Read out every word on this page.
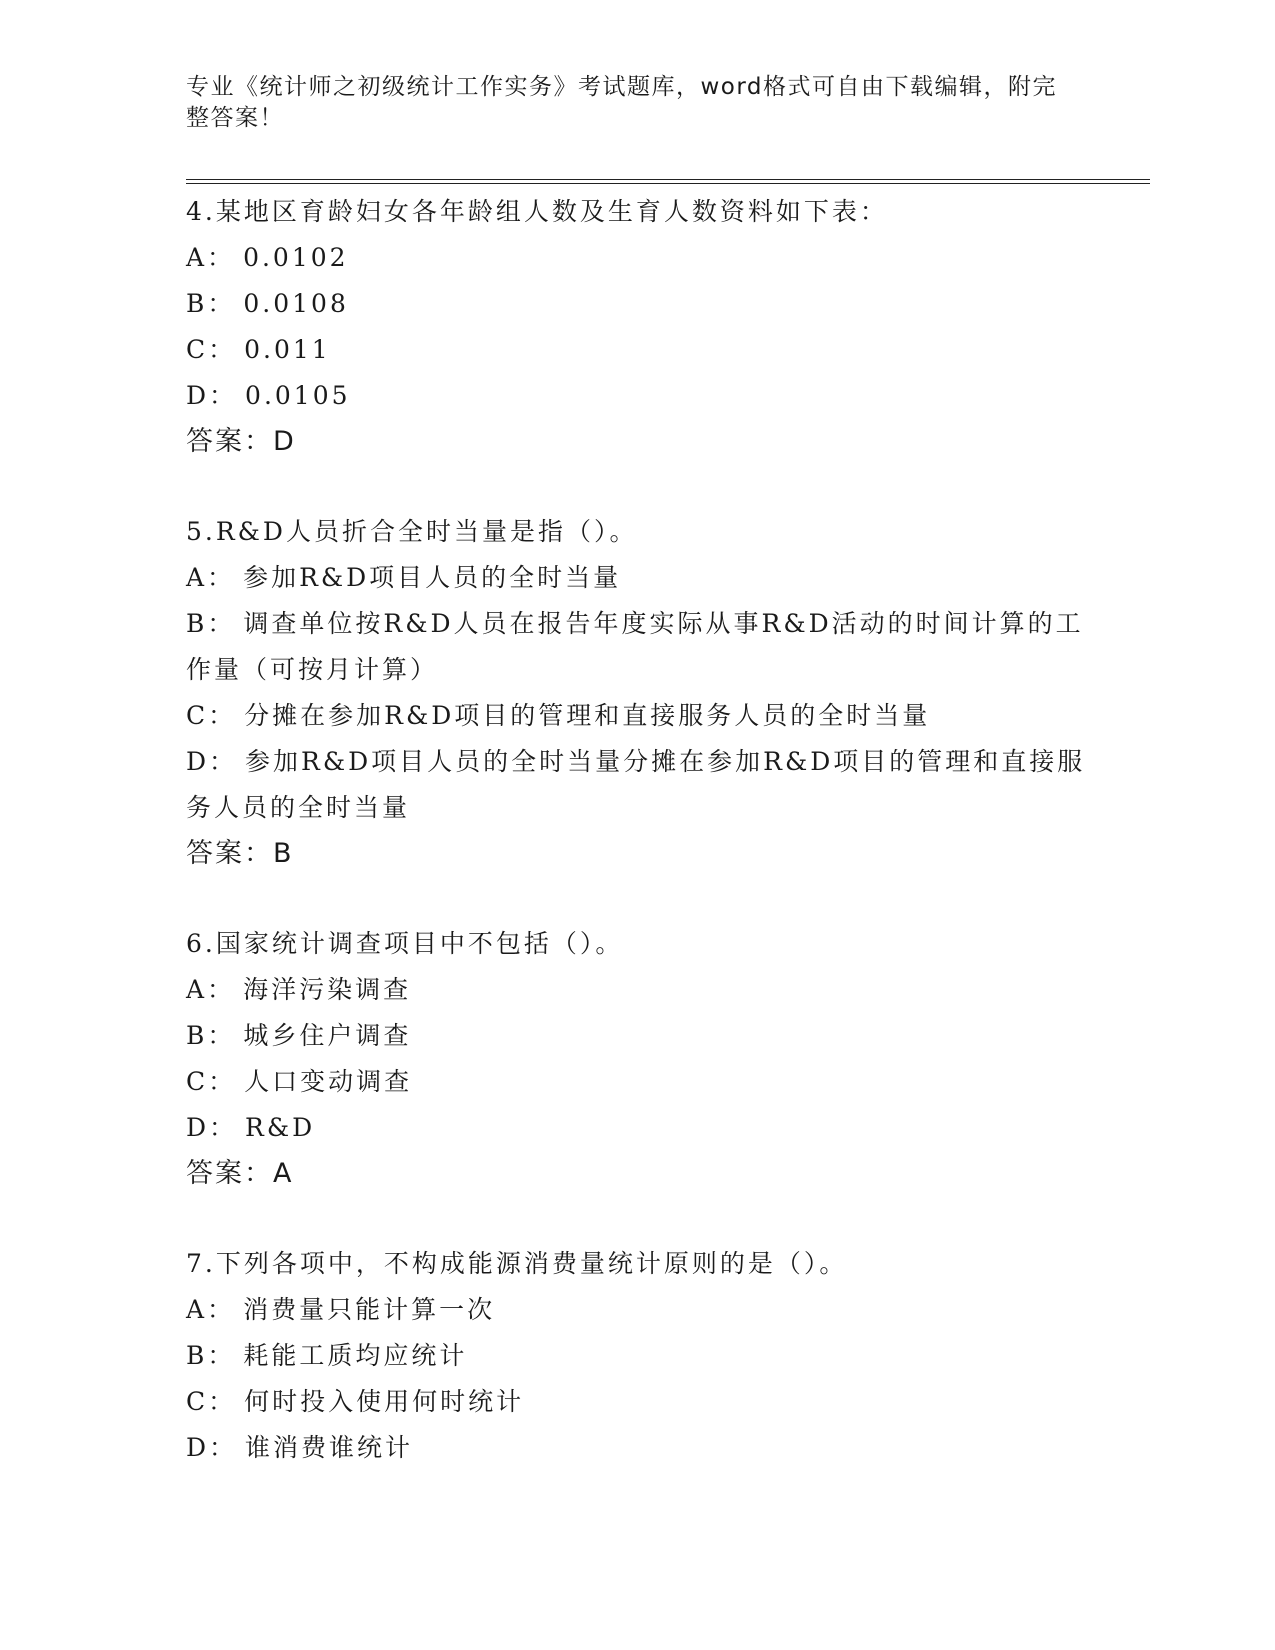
专业《统计师之初级统计工作实务》考试题库，word格式可自由下载编辑，附完整答案！
4.某地区育龄妇女各年龄组人数及生育人数资料如下表：
A： 0.0102
B： 0.0108
C： 0.011
D： 0.0105
答案：D
5.R&D人员折合全时当量是指（）。
A： 参加R&D项目人员的全时当量
B： 调查单位按R&D人员在报告年度实际从事R&D活动的时间计算的工作量（可按月计算）
C： 分摊在参加R&D项目的管理和直接服务人员的全时当量
D： 参加R&D项目人员的全时当量分摊在参加R&D项目的管理和直接服务人员的全时当量
答案：B
6.国家统计调查项目中不包括（）。
A： 海洋污染调查
B： 城乡住户调查
C： 人口变动调查
D： R&D
答案：A
7.下列各项中，不构成能源消费量统计原则的是（）。
A： 消费量只能计算一次
B： 耗能工质均应统计
C： 何时投入使用何时统计
D： 谁消费谁统计
